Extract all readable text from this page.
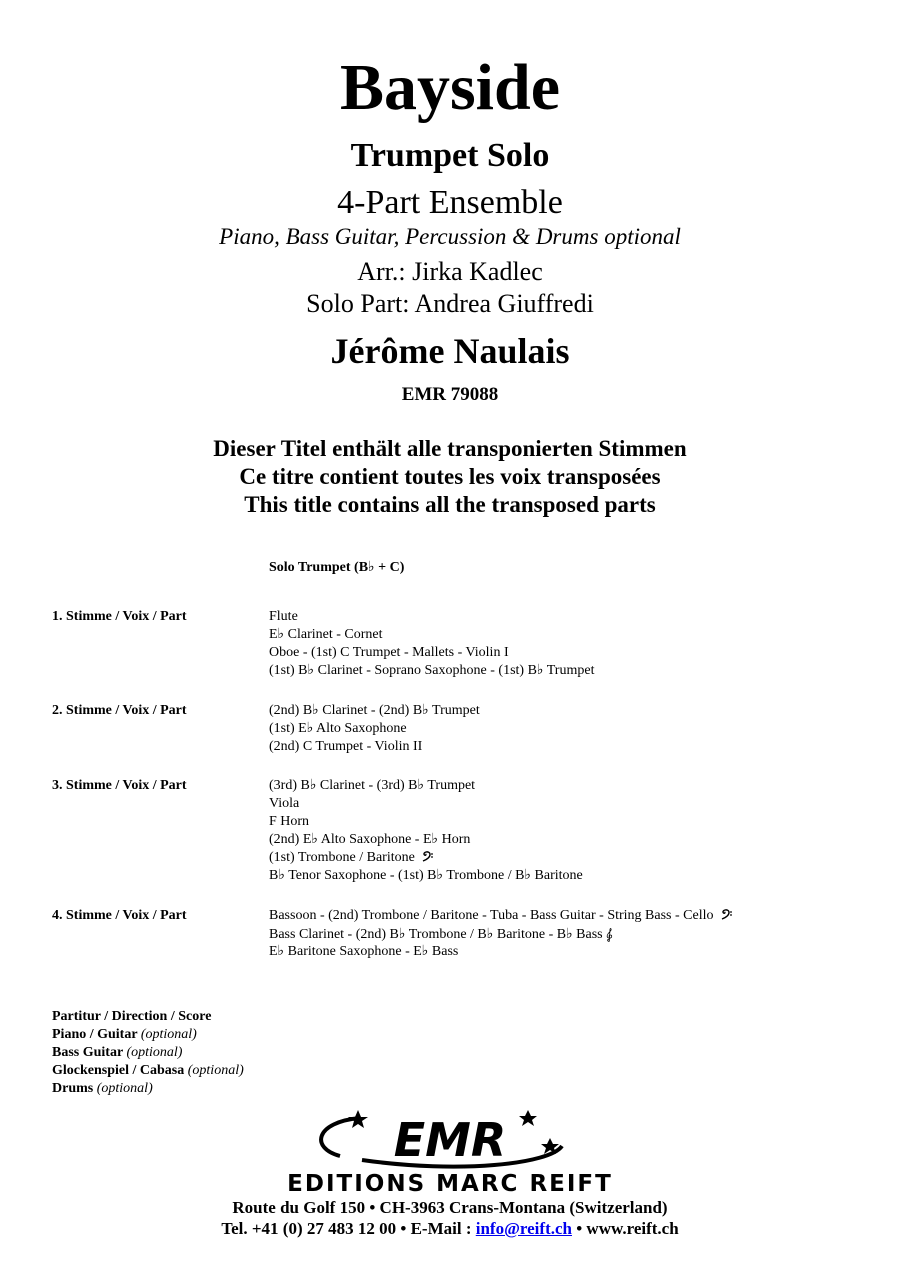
Bayside
Trumpet Solo
4-Part Ensemble
Piano, Bass Guitar, Percussion & Drums optional
Arr.: Jirka Kadlec
Solo Part: Andrea Giuffredi
Jérôme Naulais
EMR 79088
Dieser Titel enthält alle transponierten Stimmen
Ce titre contient toutes les voix transposées
This title contains all the transposed parts
Solo Trumpet (B♭ + C)
1. Stimme / Voix / Part	Flute
E♭ Clarinet - Cornet
Oboe - (1st) C Trumpet - Mallets - Violin I
(1st) B♭ Clarinet - Soprano Saxophone - (1st) B♭ Trumpet
2. Stimme / Voix / Part	(2nd) B♭ Clarinet - (2nd) B♭ Trumpet
(1st) E♭ Alto Saxophone
(2nd) C Trumpet - Violin II
3. Stimme / Voix / Part	(3rd) B♭ Clarinet - (3rd) B♭ Trumpet
Viola
F Horn
(2nd) E♭ Alto Saxophone - E♭ Horn
(1st) Trombone / Baritone
B♭ Tenor Saxophone - (1st) B♭ Trombone / B♭ Baritone
4. Stimme / Voix / Part	Bassoon - (2nd) Trombone / Baritone - Tuba - Bass Guitar - String Bass - Cello
Bass Clarinet - (2nd) B♭ Trombone / B♭ Baritone - B♭ Bass
E♭ Baritone Saxophone - E♭ Bass
Partitur / Direction / Score
Piano / Guitar (optional)
Bass Guitar (optional)
Glockenspiel / Cabasa (optional)
Drums (optional)
EMR
EDITIONS MARC REIFT
Route du Golf 150 • CH-3963 Crans-Montana (Switzerland)
Tel. +41 (0) 27 483 12 00 • E-Mail : info@reift.ch • www.reift.ch
